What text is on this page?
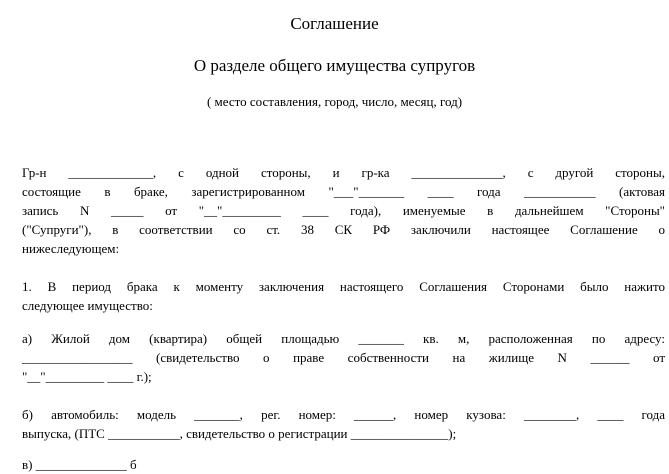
Соглашение

О разделе общего имущества супругов

( место составления, город, число, месяц, год)

Гр-н _____________, с одной стороны, и гр-ка ______________, с другой стороны,
состоящие в браке, зарегистрированном "___"_______ ____ года ___________ (актовая
запись N _____ от "__"_________ ____ года), именуемые в дальнейшем "Стороны"
("Супруги"), в соответствии со ст. 38 СК РФ заключили настоящее Соглашение о
нижеследующем:
1. В период брака к моменту заключения настоящего Соглашения Сторонами было нажито
следующее имущество:
а) Жилой дом (квартира) общей площадью _______ кв. м, расположенная по адресу:
_________________ (свидетельство о праве собственности на жилище N ______ от
"__"_________ ____ г.);
б) автомобиль: модель _______, рег. номер: ______, номер кузова: ________, ____ года
выпуска, (ПТС ___________, свидетельство о регистрации _______________);
в) ______________ б
